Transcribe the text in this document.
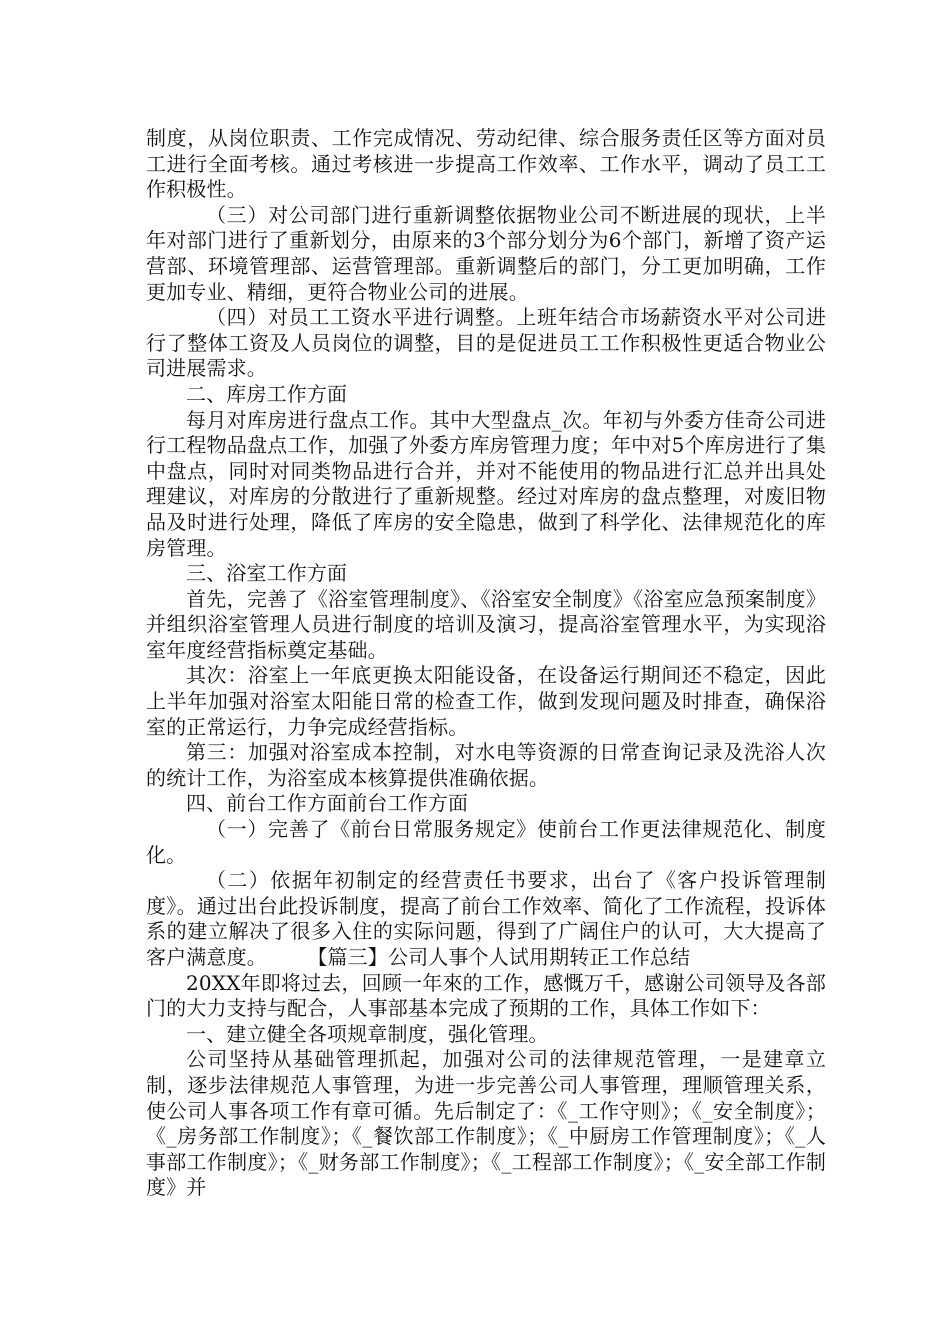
制度，从岗位职责、工作完成情况、劳动纪律、综合服务责任区等方面对员工进行全面考核。通过考核进一步提高工作效率、工作水平，调动了员工工作积极性。

（三）对公司部门进行重新调整依据物业公司不断进展的现状，上半年对部门进行了重新划分，由原来的3个部分划分为6个部门，新增了资产运营部、环境管理部、运营管理部。重新调整后的部门，分工更加明确，工作更加专业、精细，更符合物业公司的进展。

（四）对员工工资水平进行调整。上班年结合市场薪资水平对公司进行了整体工资及人员岗位的调整，目的是促进员工工作积极性更适合物业公司进展需求。

二、库房工作方面

每月对库房进行盘点工作。其中大型盘点_次。年初与外委方佳奇公司进行工程物品盘点工作，加强了外委方库房管理力度；年中对5个库房进行了集中盘点，同时对同类物品进行合并，并对不能使用的物品进行汇总并出具处理建议，对库房的分散进行了重新规整。经过对库房的盘点整理，对废旧物品及时进行处理，降低了库房的安全隐患，做到了科学化、法律规范化的库房管理。

三、浴室工作方面

首先，完善了《浴室管理制度》、《浴室安全制度》《浴室应急预案制度》并组织浴室管理人员进行制度的培训及演习，提高浴室管理水平，为实现浴室年度经营指标奠定基础。

其次：浴室上一年底更换太阳能设备，在设备运行期间还不稳定，因此上半年加强对浴室太阳能日常的检查工作，做到发现问题及时排查，确保浴室的正常运行，力争完成经营指标。

第三：加强对浴室成本控制，对水电等资源的日常查询记录及洗浴人次的统计工作，为浴室成本核算提供准确依据。

四、前台工作方面前台工作方面

（一）完善了《前台日常服务规定》使前台工作更法律规范化、制度化。

（二）依据年初制定的经营责任书要求，出台了《客户投诉管理制度》。通过出台此投诉制度，提高了前台工作效率、简化了工作流程，投诉体系的建立解决了很多入住的实际问题，得到了广阔住户的认可，大大提高了客户满意度。　　　【篇三】公司人事个人试用期转正工作总结

20XX年即将过去，回顾一年來的工作，感慨万千，感谢公司领导及各部门的大力支持与配合，人事部基本完成了预期的工作，具体工作如下：

一、建立健全各项规章制度，强化管理。

公司坚持从基础管理抓起，加强对公司的法律规范管理，一是建章立制，逐步法律规范人事管理，为进一步完善公司人事管理，理顺管理关系，使公司人事各项工作有章可循。先后制定了：《_工作守则》；《_安全制度》；《_房务部工作制度》；《_餐饮部工作制度》；《_中厨房工作管理制度》；《_人事部工作制度》；《_财务部工作制度》；《_工程部工作制度》；《_安全部工作制度》并
